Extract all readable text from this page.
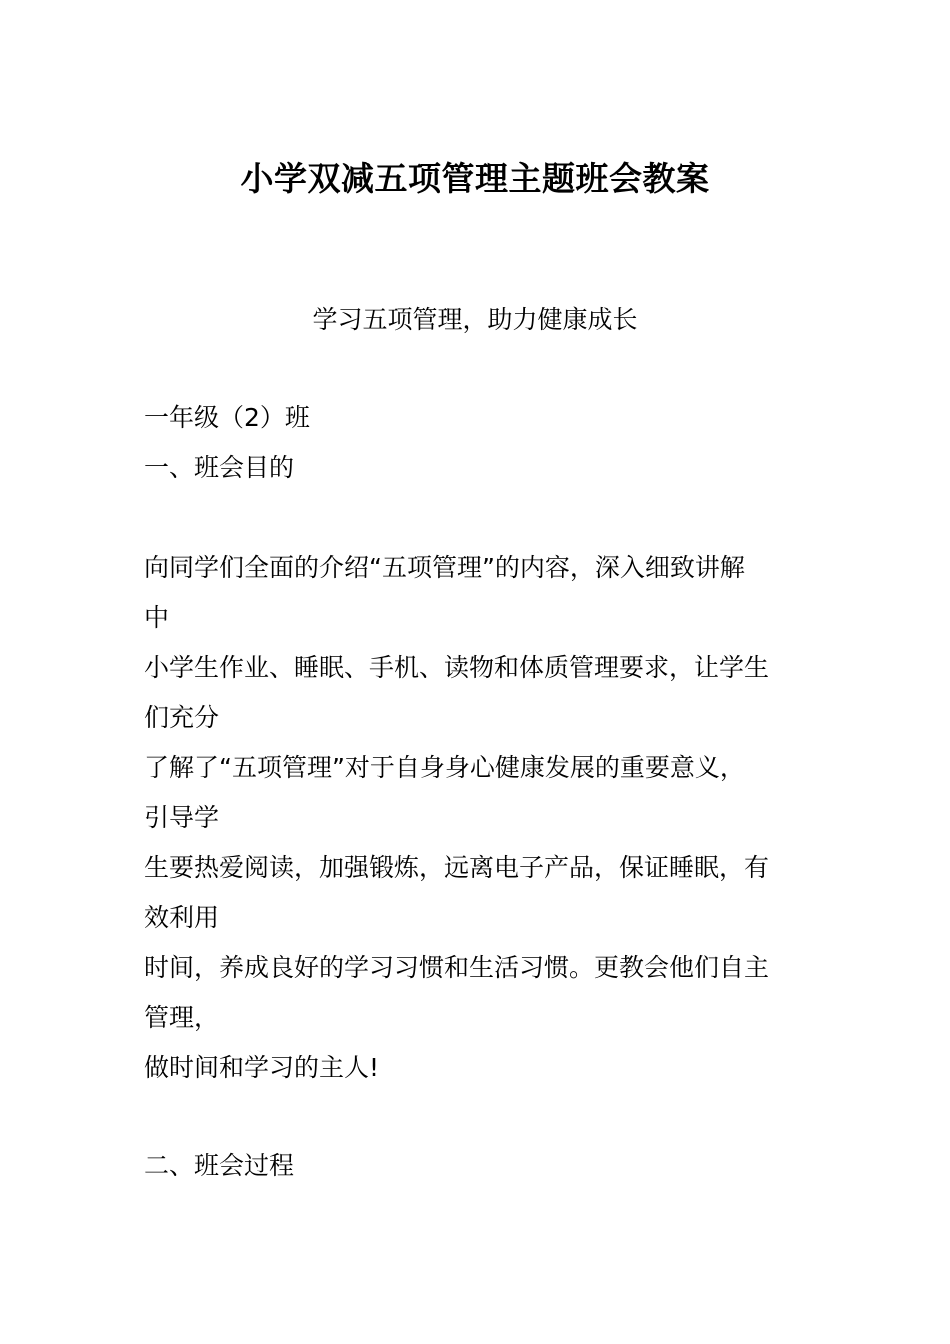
小学双减五项管理主题班会教案
学习五项管理，助力健康成长
一年级（2）班
一、班会目的
向同学们全面的介绍“五项管理”的内容，深入细致讲解
中
小学生作业、睡眠、手机、读物和体质管理要求，让学生
们充分
了解了“五项管理”对于自身身心健康发展的重要意义，
引导学
生要热爱阅读，加强锻炼，远离电子产品，保证睡眠，有
效利用
时间，养成良好的学习习惯和生活习惯。更教会他们自主
管理，
做时间和学习的主人!
二、班会过程
